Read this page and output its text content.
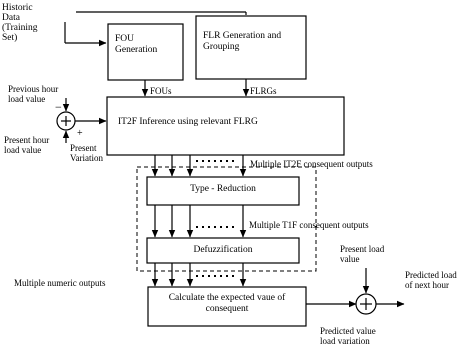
Historic
Data
(Training
Set)
Previous hour
load value
Present hour
load value	Present
Variation
−
+
FOU
Generation
FLR Generation and
Grouping
IT2F Inference using relevant FLRG
Type - Reduction
Defuzzification
Calculate the expected vaue of
consequent
FOUs	FLRGs
Multiple IT2F consequent outputs
Multiple T1F consequent outputs
Multiple numeric outputs
Present load
value
Predicted load
of next hour
Predicted value
load variation
